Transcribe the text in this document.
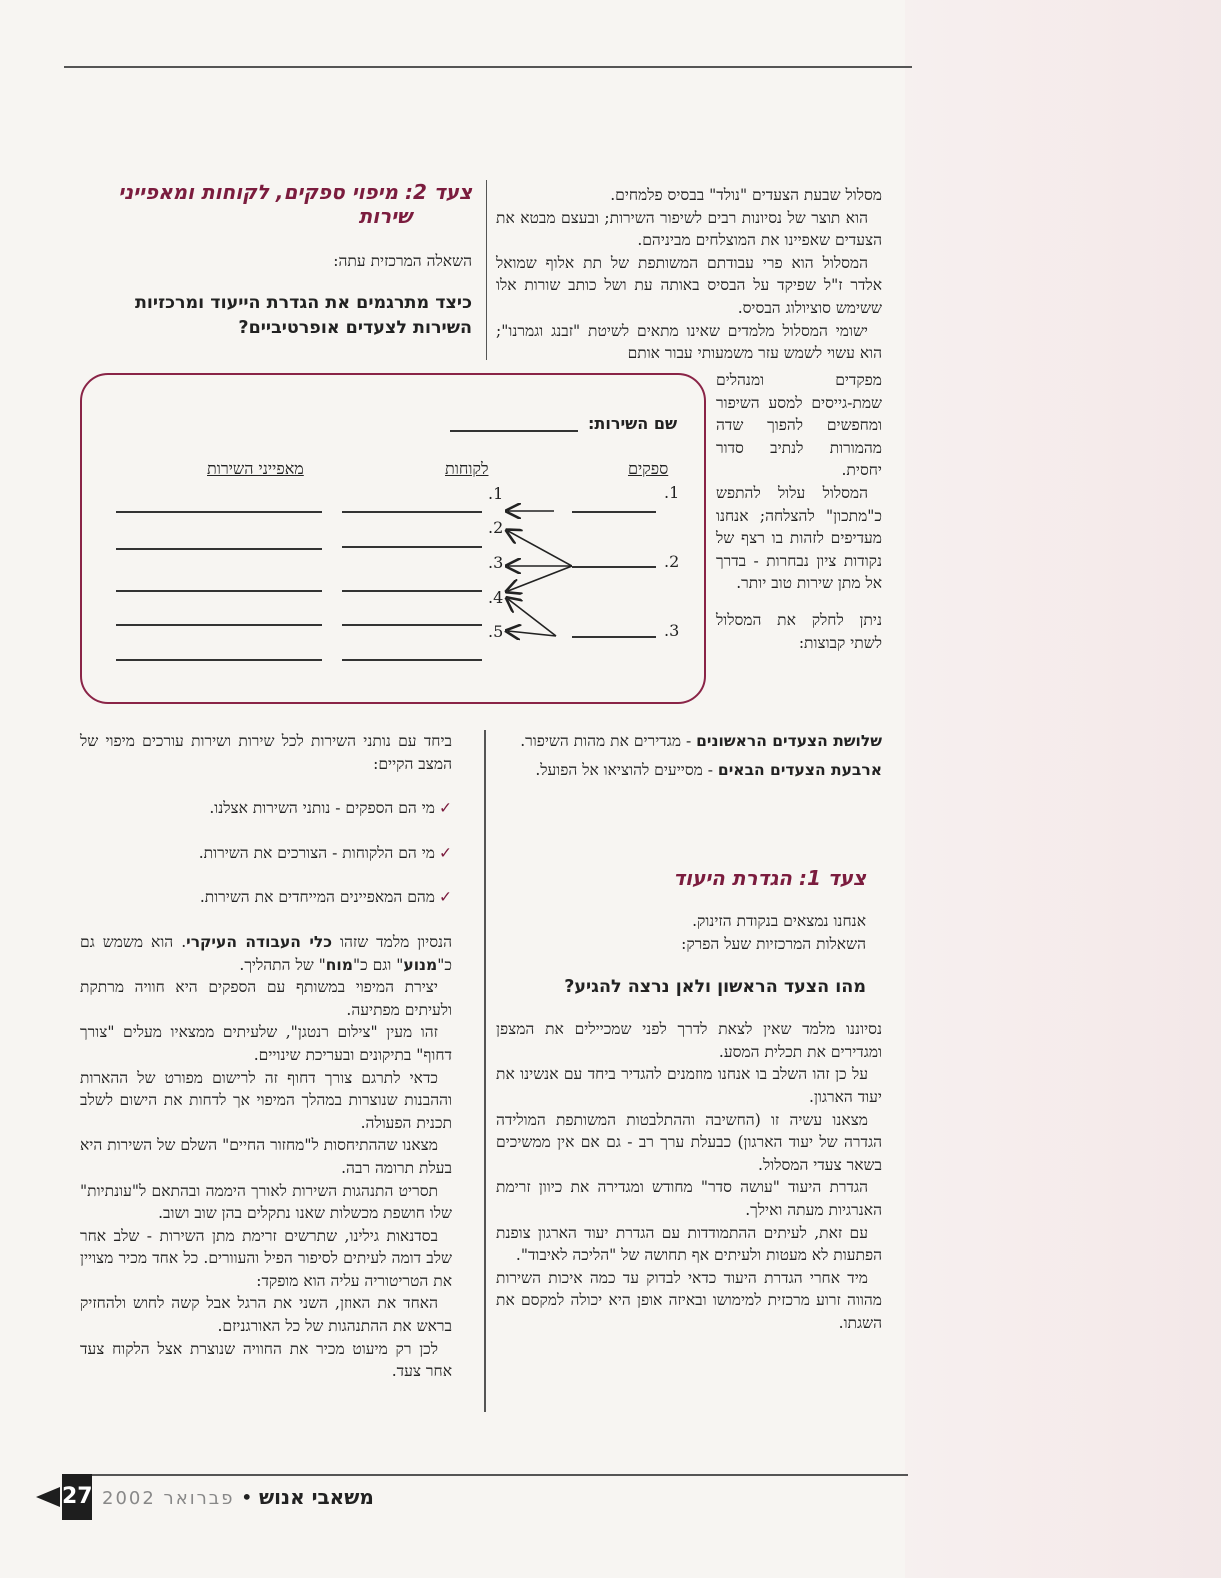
מסלול שבעת הצעדים "נולד" בבסיס פלמחים.

הוא תוצר של נסיונות רבים לשיפור השירות; ובעצם מבטא את הצעדים שאפיינו את המוצלחים מביניהם.

המסלול הוא פרי עבודתם המשותפת של תת אלוף שמואל אלדר ז"ל שפיקד על הבסיס באותה עת ושל כותב שורות אלו ששימש סוציולוג הבסיס.

ישומי המסלול מלמדים שאינו מתאים לשיטת "זבנג וגמרנו"; הוא עשוי לשמש עזר משמעותי עבור אותם

מפקדים ומנהלים שמת-גייסים למסע השיפור ומחפשים להפוך שדה מהמורות לנתיב סדור יחסית.

המסלול עלול להתפש כ"מתכון" להצלחה; אנחנו מעדיפים לזהות בו רצף של נקודות ציון נבחרות - בדרך אל מתן שירות טוב יותר.

ניתן לחלק את המסלול לשתי קבוצות:

שלושת הצעדים הראשונים - מגדירים את מהות השיפור.

ארבעת הצעדים הבאים - מסייעים להוציאו אל הפועל.

צעד 1: הגדרת היעוד

אנחנו נמצאים בנקודת הזינוק.

השאלות המרכזיות שעל הפרק:

מהו הצעד הראשון ולאן נרצה להגיע?

נסיוננו מלמד שאין לצאת לדרך לפני שמכיילים את המצפן ומגדירים את תכלית המסע.

על כן זהו השלב בו אנחנו מוזמנים להגדיר ביחד עם אנשינו את יעוד הארגון.

מצאנו עשיה זו (החשיבה וההתלבטות המשותפת המולידה הגדרה של יעוד הארגון) כבעלת ערך רב - גם אם אין ממשיכים בשאר צעדי המסלול.

הגדרת היעוד "עושה סדר" מחודש ומגדירה את כיוון זרימת האנרגיות מעתה ואילך.

עם זאת, לעיתים ההתמודדות עם הגדרת יעוד הארגון צופנת הפתעות לא מעטות ולעיתים אף תחושה של "הליכה לאיבוד".

מיד אחרי הגדרת היעוד כדאי לבדוק עד כמה איכות השירות מהווה זרוע מרכזית למימושו ובאיזה אופן היא יכולה למקסם את השגתו.

צעד 2: מיפוי ספקים, לקוחות ומאפייני
שירות

השאלה המרכזית עתה:

כיצד מתרגמים את הגדרת הייעוד ומרכזיות
השירות לצעדים אופרטיביים?
שם השירות:
ספקים
לקוחות
מאפייני השירות
1.
2.
3.
1.
2.
3.
4.
5.

ביחד עם נותני השירות לכל שירות ושירות עורכים מיפוי של המצב הקיים:

✓מי הם הספקים - נותני השירות אצלנו.

✓מי הם הלקוחות - הצורכים את השירות.

✓מהם המאפיינים המייחדים את השירות.

הנסיון מלמד שזהו כלי העבודה העיקרי. הוא משמש גם כ"מנוע" וגם כ"מוח" של התהליך.

יצירת המיפוי במשותף עם הספקים היא חוויה מרתקת ולעיתים מפתיעה.

זהו מעין "צילום רנטגן", שלעיתים ממצאיו מעלים "צורך דחוף" בתיקונים ובעריכת שינויים.

כדאי לתרגם צורך דחוף זה לרישום מפורט של ההארות וההבנות שנוצרות במהלך המיפוי אך לדחות את הישום לשלב תכנית הפעולה.

מצאנו שההתיחסות ל"מחזור החיים" השלם של השירות היא בעלת תרומה רבה.

תסריט התנהגות השירות לאורך היממה ובהתאם ל"עונתיות" שלו חושפת מכשלות שאנו נתקלים בהן שוב ושוב.

בסדנאות גילינו, שתרשים זרימת מתן השירות - שלב אחר שלב דומה לעיתים לסיפור הפיל והעוורים. כל אחד מכיר מצויין את הטריטוריה עליה הוא מופקד:

האחד את האוזן, השני את הרגל אבל קשה לחוש ולהחזיק בראש את ההתנהגות של כל האורגניזם.

לכן רק מיעוט מכיר את החוויה שנוצרת אצל הלקוח צעד אחר צעד.

27	משאבי אנוש • פברואר 2002
